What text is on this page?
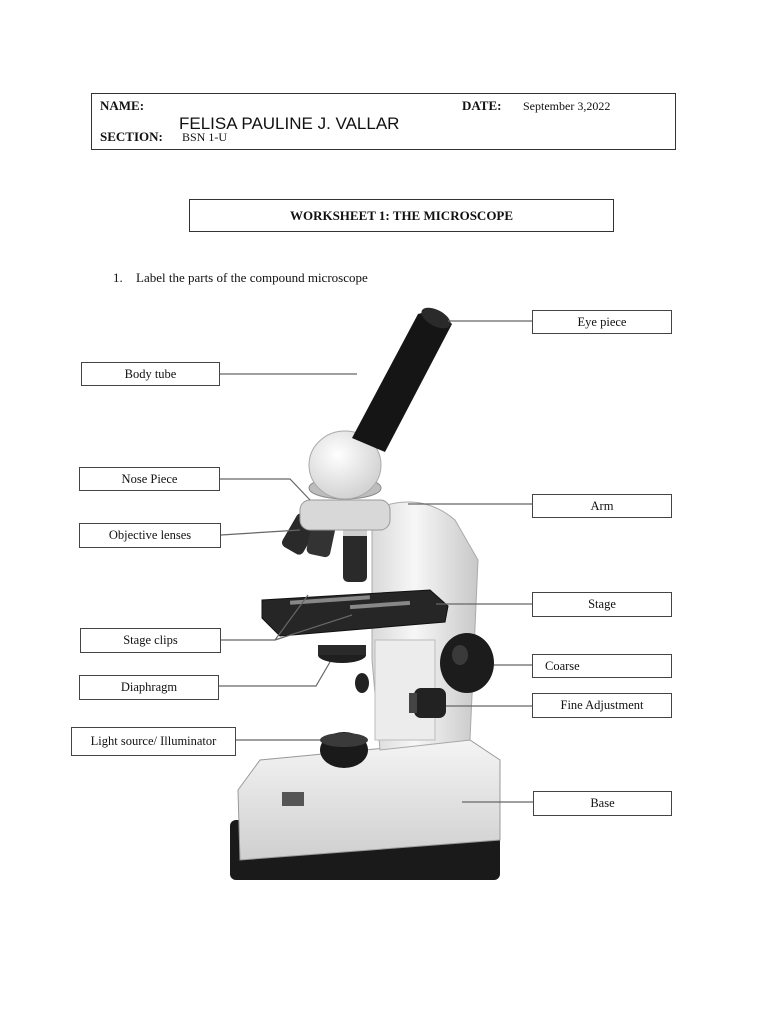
NAME:
FELISA PAULINE J. VALLAR
DATE: September 3,2022
SECTION: BSN 1-U
WORKSHEET 1: THE MICROSCOPE
1. Label the parts of the compound microscope
Eye piece
Body tube
Nose Piece
Objective lenses
Arm
Stage
Stage clips
Coarse
Diaphragm
Fine Adjustment
Light source/ Illuminator
Base
